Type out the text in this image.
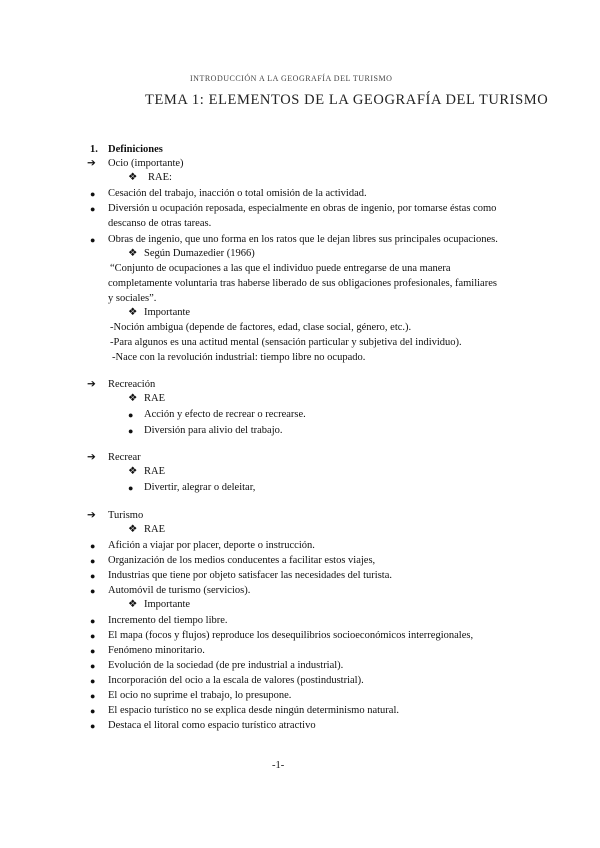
INTRODUCCIÓN A LA GEOGRAFÍA DEL TURISMO
TEMA 1: ELEMENTOS DE LA GEOGRAFÍA DEL TURISMO
1. Definiciones
➔ Ocio (importante)
❖ RAE:
● Cesación del trabajo, inacción o total omisión de la actividad.
● Diversión u ocupación reposada, especialmente en obras de ingenio, por tomarse éstas como
descanso de otras tareas.
● Obras de ingenio, que uno forma en los ratos que le dejan libres sus principales ocupaciones.
❖ Según Dumazedier (1966)
“Conjunto de ocupaciones a las que el individuo puede entregarse de una manera
completamente voluntaria tras haberse liberado de sus obligaciones profesionales, familiares
y sociales”.
❖ Importante
-Noción ambigua (depende de factores, edad, clase social, género, etc.).
-Para algunos es una actitud mental (sensación particular y subjetiva del individuo).
-Nace con la revolución industrial: tiempo libre no ocupado.
➔ Recreación
❖ RAE
● Acción y efecto de recrear o recrearse.
● Diversión para alivio del trabajo.
➔ Recrear
❖ RAE
● Divertir, alegrar o deleitar,
➔ Turismo
❖ RAE
● Afición a viajar por placer, deporte o instrucción.
● Organización de los medios conducentes a facilitar estos viajes,
● Industrias que tiene por objeto satisfacer las necesidades del turista.
● Automóvil de turismo (servicios).
❖ Importante
● Incremento del tiempo libre.
● El mapa (focos y flujos) reproduce los desequilibrios socioeconómicos interregionales,
● Fenómeno minoritario.
● Evolución de la sociedad (de pre industrial a industrial).
● Incorporación del ocio a la escala de valores (postindustrial).
● El ocio no suprime el trabajo, lo presupone.
● El espacio turístico no se explica desde ningún determinismo natural.
● Destaca el litoral como espacio turístico atractivo
-1-
